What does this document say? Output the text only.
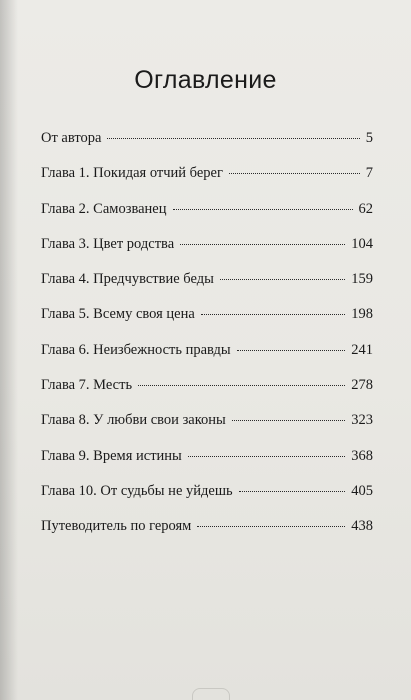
Оглавление
От автора	5
Глава 1. Покидая отчий берег	7
Глава 2. Самозванец	62
Глава 3. Цвет родства	104
Глава 4. Предчувствие беды	159
Глава 5. Всему своя цена	198
Глава 6. Неизбежность правды	241
Глава 7. Месть	278
Глава 8. У любви свои законы	323
Глава 9. Время истины	368
Глава 10. От судьбы не уйдешь	405
Путеводитель по героям	438
